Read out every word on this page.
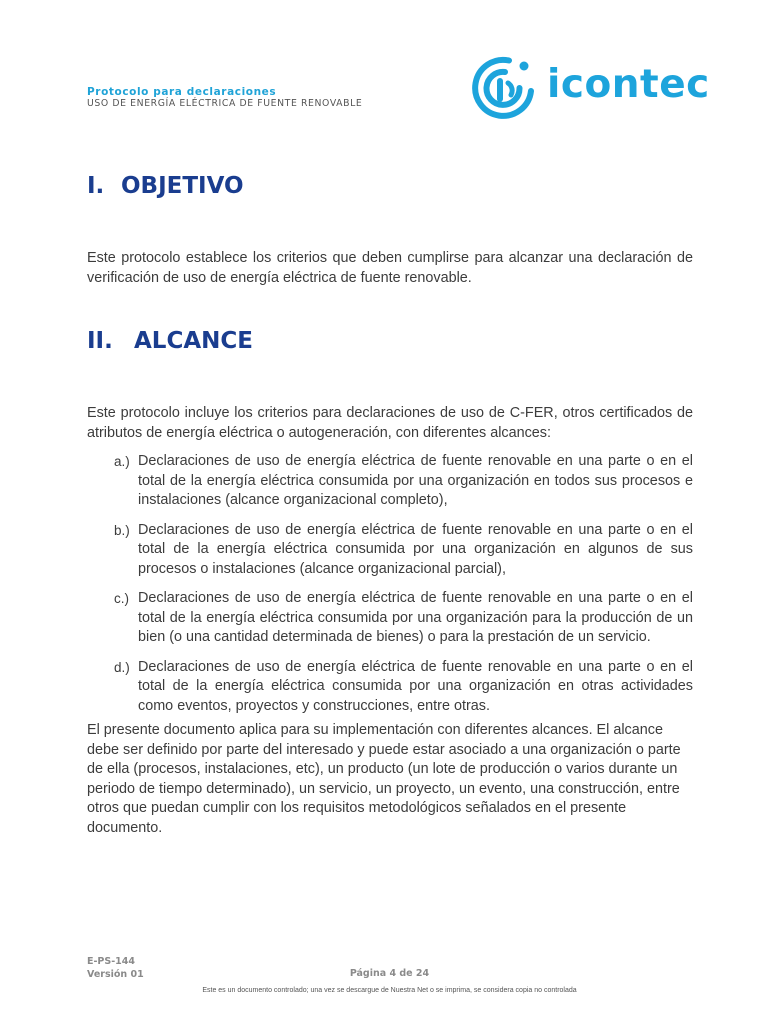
Protocolo para declaraciones
USO DE ENERGÍA ELÉCTRICA DE FUENTE RENOVABLE	icontec
I. OBJETIVO

Este protocolo establece los criterios que deben cumplirse para alcanzar una declaración de verificación de uso de energía eléctrica de fuente renovable.

II. ALCANCE

Este protocolo incluye los criterios para declaraciones de uso de C-FER, otros certificados de atributos de energía eléctrica o autogeneración, con diferentes alcances:

a.) Declaraciones de uso de energía eléctrica de fuente renovable en una parte o en el total de la energía eléctrica consumida por una organización en todos sus procesos e instalaciones (alcance organizacional completo),
b.) Declaraciones de uso de energía eléctrica de fuente renovable en una parte o en el total de la energía eléctrica consumida por una organización en algunos de sus procesos o instalaciones (alcance organizacional parcial),
c.) Declaraciones de uso de energía eléctrica de fuente renovable en una parte o en el total de la energía eléctrica consumida por una organización para la producción de un bien (o una cantidad determinada de bienes) o para la prestación de un servicio.
d.) Declaraciones de uso de energía eléctrica de fuente renovable en una parte o en el total de la energía eléctrica consumida por una organización en otras actividades como eventos, proyectos y construcciones, entre otras.

El presente documento aplica para su implementación con diferentes alcances. El alcance debe ser definido por parte del interesado y puede estar asociado a una organización o parte de ella (procesos, instalaciones, etc), un producto (un lote de producción o varios durante un periodo de tiempo determinado), un servicio, un proyecto, un evento, una construcción, entre otros que puedan cumplir con los requisitos metodológicos señalados en el presente documento.

E-PS-144
Versión 01	Página 4 de 24
Este es un documento controlado; una vez se descargue de Nuestra Net o se imprima, se considera copia no controlada
